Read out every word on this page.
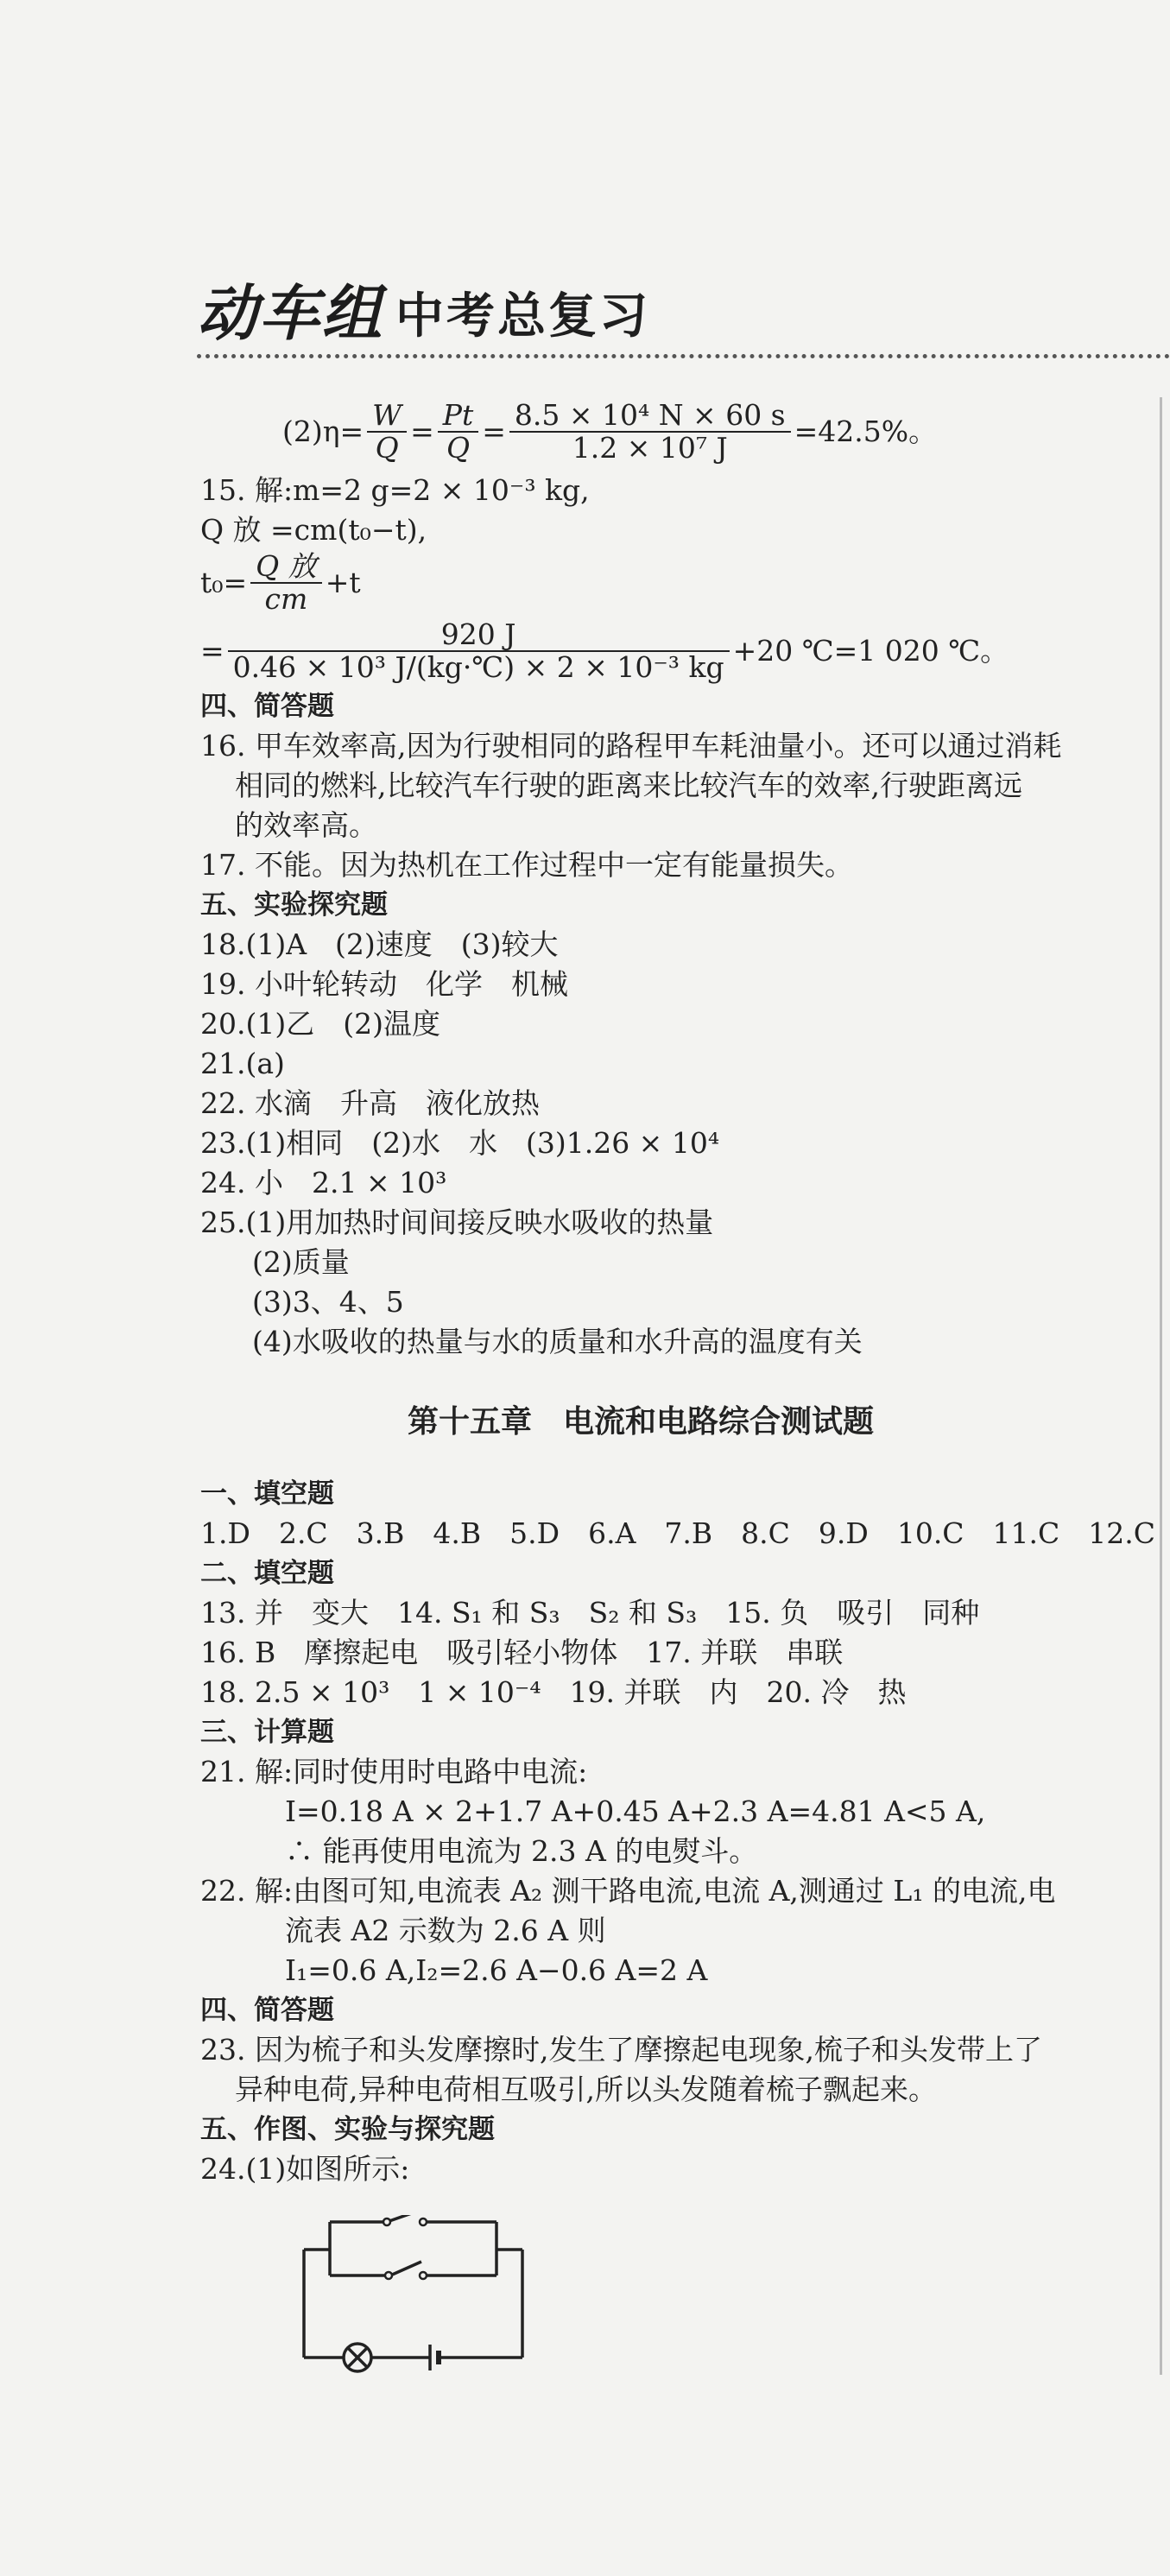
动车组 中考总复习
$(2)\eta= \frac{W}{Q} = \frac{Pt}{Q} = \frac{\text{8.5 × 10⁴ N × 60 s}}{\text{1.2 × 10⁷ J}} =42.5\%$。
15. 解:m=2 g=2 × 10⁻³ kg,
Q 放 =cm(t₀−t),
$t_0= \frac{\text{Q 放}}{cm} +t$
= $\frac{920 J}{\text{0.46 × 10³ J/(kg·℃) × 2 × 10⁻³ kg}} +20$ ℃=1 020 ℃。
四、简答题
16. 甲车效率高,因为行驶相同的路程甲车耗油量小。还可以通过消耗
相同的燃料,比较汽车行驶的距离来比较汽车的效率,行驶距离远
的效率高。
17. 不能。因为热机在工作过程中一定有能量损失。
五、实验探究题
18.(1)A　(2)速度　(3)较大
19. 小叶轮转动　化学　机械
20.(1)乙　(2)温度
21.(a)
22. 水滴　升高　液化放热
23.(1)相同　(2)水　水　(3)1.26 × 10⁴
24. 小　2.1 × 10³
25.(1)用加热时间间接反映水吸收的热量
(2)质量
(3)3、4、5
(4)水吸收的热量与水的质量和水升高的温度有关
第十五章　电流和电路综合测试题
一、填空题
1.D　2.C　3.B　4.B　5.D　6.A　7.B　8.C　9.D　10.C　11.C　12.C
二、填空题
13. 并　变大　14. S₁ 和 S₃　S₂ 和 S₃　15. 负　吸引　同种
16. B　摩擦起电　吸引轻小物体　17. 并联　串联
18. 2.5 × 10³　1 × 10⁻⁴　19. 并联　内　20. 冷　热
三、计算题
21. 解:同时使用时电路中电流:
I=0.18 A × 2+1.7 A+0.45 A+2.3 A=4.81 A<5 A,
∴ 能再使用电流为 2.3 A 的电熨斗。
22. 解:由图可知,电流表 A₂ 测干路电流,电流 A,测通过 L₁ 的电流,电
流表 A2 示数为 2.6 A 则
I₁=0.6 A,I₂=2.6 A−0.6 A=2 A
四、简答题
23. 因为梳子和头发摩擦时,发生了摩擦起电现象,梳子和头发带上了
异种电荷,异种电荷相互吸引,所以头发随着梳子飘起来。
五、作图、实验与探究题
24.(1)如图所示:
